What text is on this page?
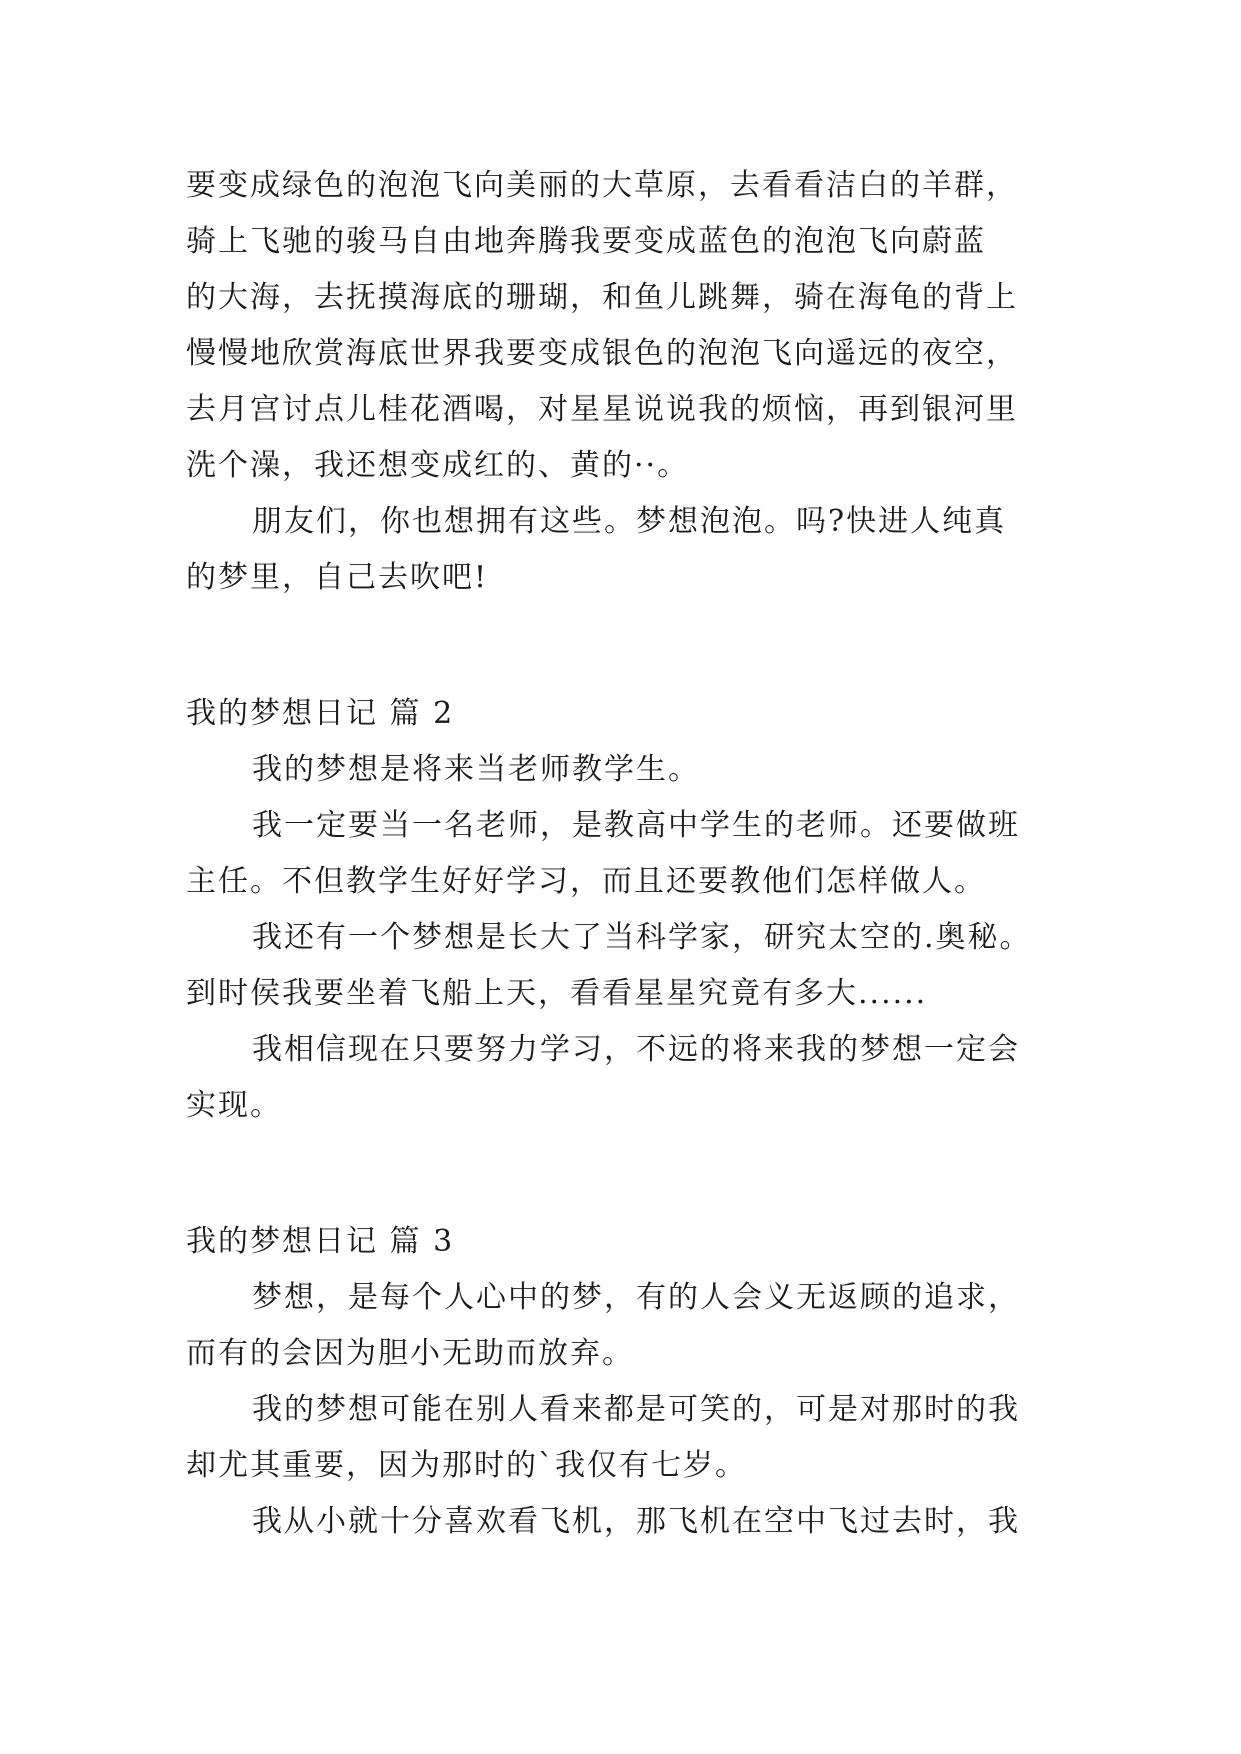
要变成绿色的泡泡飞向美丽的大草原，去看看洁白的羊群，
骑上飞驰的骏马自由地奔腾我要变成蓝色的泡泡飞向蔚蓝
的大海，去抚摸海底的珊瑚，和鱼儿跳舞，骑在海龟的背上
慢慢地欣赏海底世界我要变成银色的泡泡飞向遥远的夜空，
去月宫讨点儿桂花酒喝，对星星说说我的烦恼，再到银河里
洗个澡，我还想变成红的、黄的··。
朋友们，你也想拥有这些。梦想泡泡。吗?快进人纯真
的梦里，自己去吹吧!
我的梦想日记 篇 2
我的梦想是将来当老师教学生。
我一定要当一名老师，是教高中学生的老师。还要做班
主任。不但教学生好好学习，而且还要教他们怎样做人。
我还有一个梦想是长大了当科学家，研究太空的.奥秘。
到时侯我要坐着飞船上天，看看星星究竟有多大......
我相信现在只要努力学习，不远的将来我的梦想一定会
实现。
我的梦想日记 篇 3
梦想，是每个人心中的梦，有的人会义无返顾的追求，
而有的会因为胆小无助而放弃。
我的梦想可能在别人看来都是可笑的，可是对那时的我
却尤其重要，因为那时的`我仅有七岁。
我从小就十分喜欢看飞机，那飞机在空中飞过去时，我
